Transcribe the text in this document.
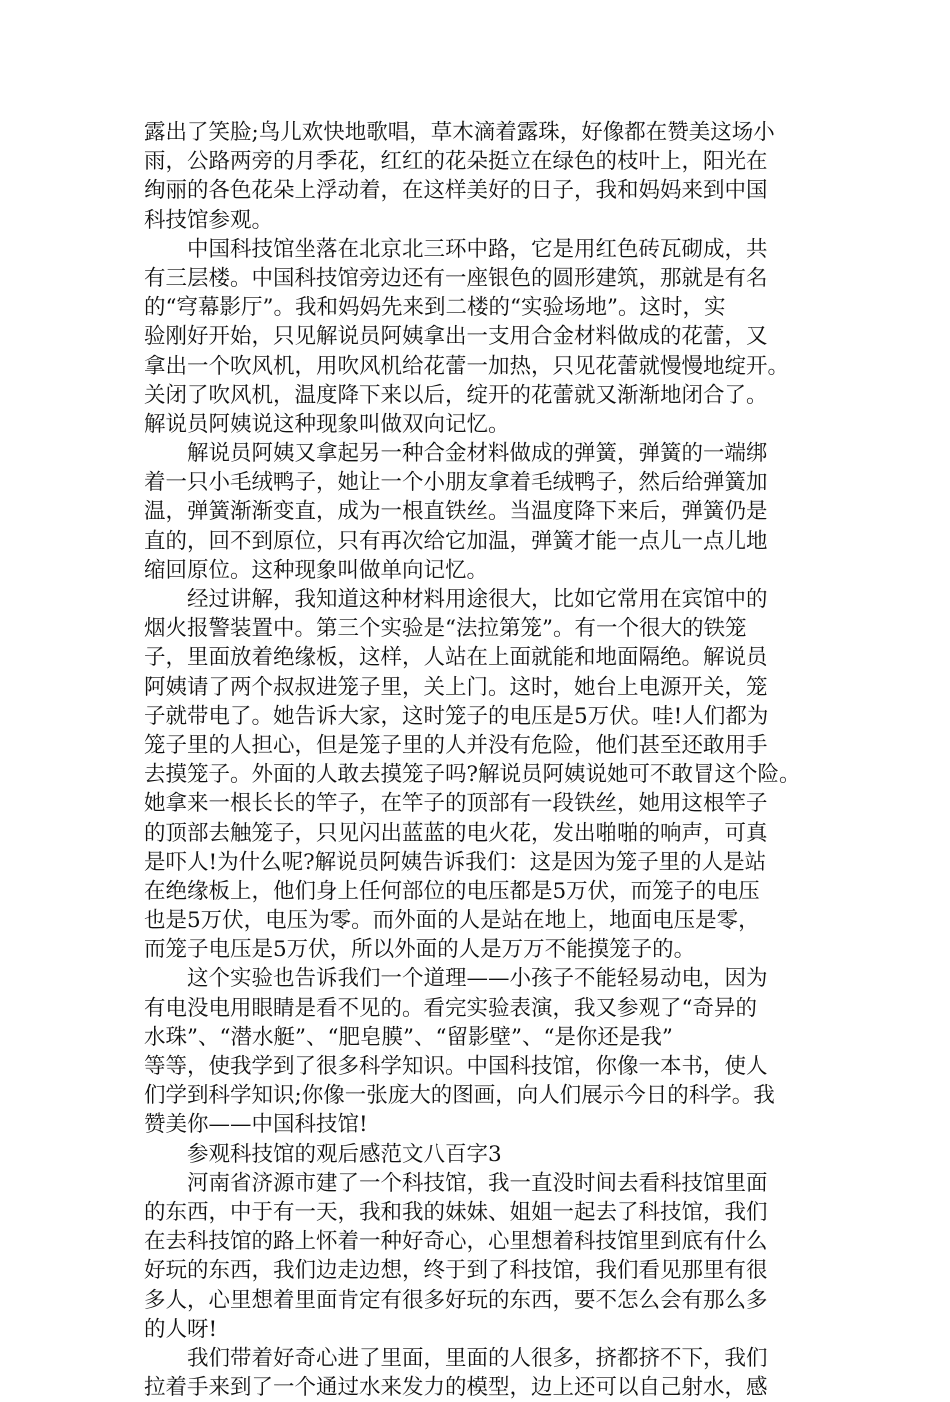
露出了笑脸;鸟儿欢快地歌唱，草木滴着露珠，好像都在赞美这场小
雨，公路两旁的月季花，红红的花朵挺立在绿色的枝叶上，阳光在
绚丽的各色花朵上浮动着，在这样美好的日子，我和妈妈来到中国
科技馆参观。
中国科技馆坐落在北京北三环中路，它是用红色砖瓦砌成，共
有三层楼。中国科技馆旁边还有一座银色的圆形建筑，那就是有名
的“穹幕影厅”。我和妈妈先来到二楼的“实验场地”。这时，实
验刚好开始，只见解说员阿姨拿出一支用合金材料做成的花蕾，又
拿出一个吹风机，用吹风机给花蕾一加热，只见花蕾就慢慢地绽开。
关闭了吹风机，温度降下来以后，绽开的花蕾就又渐渐地闭合了。
解说员阿姨说这种现象叫做双向记忆。
解说员阿姨又拿起另一种合金材料做成的弹簧，弹簧的一端绑
着一只小毛绒鸭子，她让一个小朋友拿着毛绒鸭子，然后给弹簧加
温，弹簧渐渐变直，成为一根直铁丝。当温度降下来后，弹簧仍是
直的，回不到原位，只有再次给它加温，弹簧才能一点儿一点儿地
缩回原位。这种现象叫做单向记忆。
经过讲解，我知道这种材料用途很大，比如它常用在宾馆中的
烟火报警装置中。第三个实验是“法拉第笼”。有一个很大的铁笼
子，里面放着绝缘板，这样，人站在上面就能和地面隔绝。解说员
阿姨请了两个叔叔进笼子里，关上门。这时，她台上电源开关，笼
子就带电了。她告诉大家，这时笼子的电压是5万伏。哇!人们都为
笼子里的人担心，但是笼子里的人并没有危险，他们甚至还敢用手
去摸笼子。外面的人敢去摸笼子吗?解说员阿姨说她可不敢冒这个险。
她拿来一根长长的竿子，在竿子的顶部有一段铁丝，她用这根竿子
的顶部去触笼子，只见闪出蓝蓝的电火花，发出啪啪的响声，可真
是吓人!为什么呢?解说员阿姨告诉我们：这是因为笼子里的人是站
在绝缘板上，他们身上任何部位的电压都是5万伏，而笼子的电压
也是5万伏，电压为零。而外面的人是站在地上，地面电压是零，
而笼子电压是5万伏，所以外面的人是万万不能摸笼子的。
这个实验也告诉我们一个道理——小孩子不能轻易动电，因为
有电没电用眼睛是看不见的。看完实验表演，我又参观了“奇异的
水珠”、“潜水艇”、“肥皂膜”、“留影壁”、“是你还是我”
等等，使我学到了很多科学知识。中国科技馆，你像一本书，使人
们学到科学知识;你像一张庞大的图画，向人们展示今日的科学。我
赞美你——中国科技馆!
参观科技馆的观后感范文八百字3
河南省济源市建了一个科技馆，我一直没时间去看科技馆里面
的东西，中于有一天，我和我的妹妹、姐姐一起去了科技馆，我们
在去科技馆的路上怀着一种好奇心，心里想着科技馆里到底有什么
好玩的东西，我们边走边想，终于到了科技馆，我们看见那里有很
多人，心里想着里面肯定有很多好玩的东西，要不怎么会有那么多
的人呀!
我们带着好奇心进了里面，里面的人很多，挤都挤不下，我们
拉着手来到了一个通过水来发力的模型，边上还可以自己射水，感
